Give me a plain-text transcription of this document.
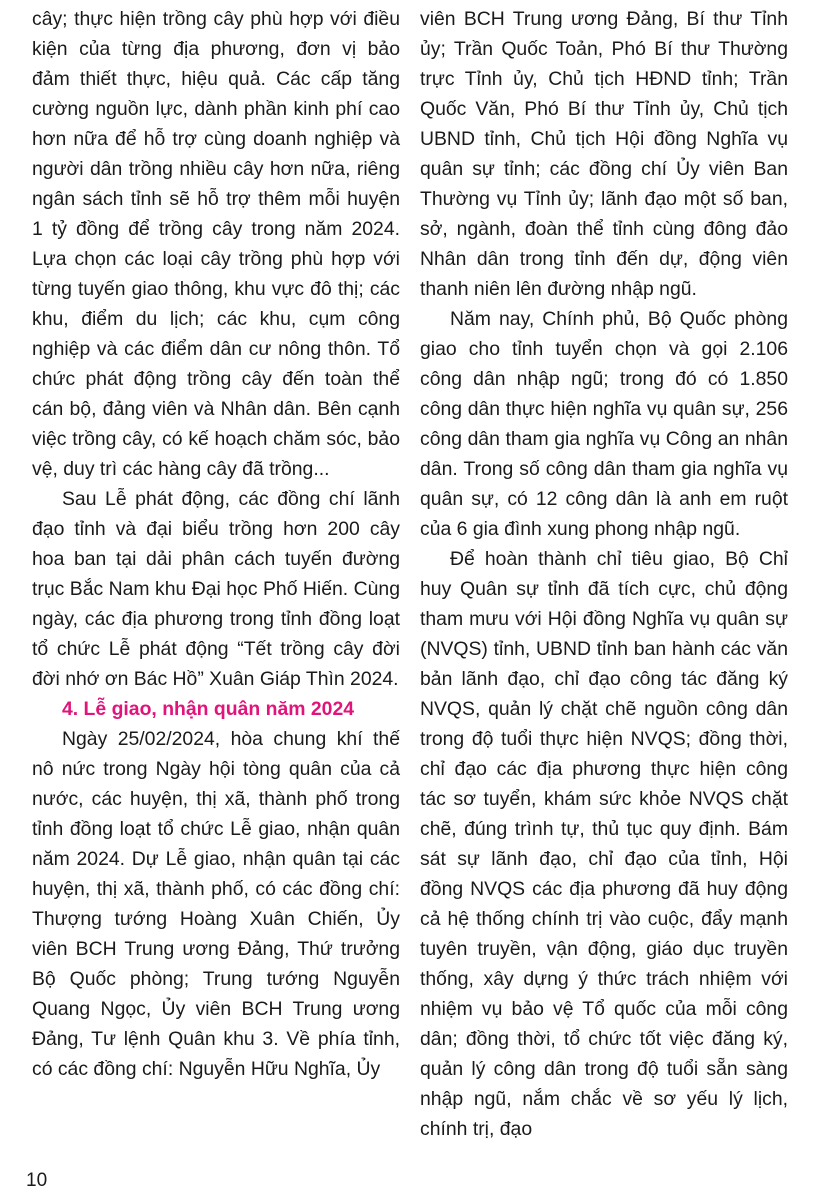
cây; thực hiện trồng cây phù hợp với điều kiện của từng địa phương, đơn vị bảo đảm thiết thực, hiệu quả. Các cấp tăng cường nguồn lực, dành phần kinh phí cao hơn nữa để hỗ trợ cùng doanh nghiệp và người dân trồng nhiều cây hơn nữa, riêng ngân sách tỉnh sẽ hỗ trợ thêm mỗi huyện 1 tỷ đồng để trồng cây trong năm 2024. Lựa chọn các loại cây trồng phù hợp với từng tuyến giao thông, khu vực đô thị; các khu, điểm du lịch; các khu, cụm công nghiệp và các điểm dân cư nông thôn. Tổ chức phát động trồng cây đến toàn thể cán bộ, đảng viên và Nhân dân. Bên cạnh việc trồng cây, có kế hoạch chăm sóc, bảo vệ, duy trì các hàng cây đã trồng...

Sau Lễ phát động, các đồng chí lãnh đạo tỉnh và đại biểu trồng hơn 200 cây hoa ban tại dải phân cách tuyến đường trục Bắc Nam khu Đại học Phố Hiến. Cùng ngày, các địa phương trong tỉnh đồng loạt tổ chức Lễ phát động “Tết trồng cây đời đời nhớ ơn Bác Hồ” Xuân Giáp Thìn 2024.

4. Lễ giao, nhận quân năm 2024

Ngày 25/02/2024, hòa chung khí thế nô nức trong Ngày hội tòng quân của cả nước, các huyện, thị xã, thành phố trong tỉnh đồng loạt tổ chức Lễ giao, nhận quân năm 2024. Dự Lễ giao, nhận quân tại các huyện, thị xã, thành phố, có các đồng chí: Thượng tướng Hoàng Xuân Chiến, Ủy viên BCH Trung ương Đảng, Thứ trưởng Bộ Quốc phòng; Trung tướng Nguyễn Quang Ngọc, Ủy viên BCH Trung ương Đảng, Tư lệnh Quân khu 3. Về phía tỉnh, có các đồng chí: Nguyễn Hữu Nghĩa, Ủy

viên BCH Trung ương Đảng, Bí thư Tỉnh ủy; Trần Quốc Toản, Phó Bí thư Thường trực Tỉnh ủy, Chủ tịch HĐND tỉnh; Trần Quốc Văn, Phó Bí thư Tỉnh ủy, Chủ tịch UBND tỉnh, Chủ tịch Hội đồng Nghĩa vụ quân sự tỉnh; các đồng chí Ủy viên Ban Thường vụ Tỉnh ủy; lãnh đạo một số ban, sở, ngành, đoàn thể tỉnh cùng đông đảo Nhân dân trong tỉnh đến dự, động viên thanh niên lên đường nhập ngũ.

Năm nay, Chính phủ, Bộ Quốc phòng giao cho tỉnh tuyển chọn và gọi 2.106 công dân nhập ngũ; trong đó có 1.850 công dân thực hiện nghĩa vụ quân sự, 256 công dân tham gia nghĩa vụ Công an nhân dân. Trong số công dân tham gia nghĩa vụ quân sự, có 12 công dân là anh em ruột của 6 gia đình xung phong nhập ngũ.

Để hoàn thành chỉ tiêu giao, Bộ Chỉ huy Quân sự tỉnh đã tích cực, chủ động tham mưu với Hội đồng Nghĩa vụ quân sự (NVQS) tỉnh, UBND tỉnh ban hành các văn bản lãnh đạo, chỉ đạo công tác đăng ký NVQS, quản lý chặt chẽ nguồn công dân trong độ tuổi thực hiện NVQS; đồng thời, chỉ đạo các địa phương thực hiện công tác sơ tuyển, khám sức khỏe NVQS chặt chẽ, đúng trình tự, thủ tục quy định. Bám sát sự lãnh đạo, chỉ đạo của tỉnh, Hội đồng NVQS các địa phương đã huy động cả hệ thống chính trị vào cuộc, đẩy mạnh tuyên truyền, vận động, giáo dục truyền thống, xây dựng ý thức trách nhiệm với nhiệm vụ bảo vệ Tổ quốc của mỗi công dân; đồng thời, tổ chức tốt việc đăng ký, quản lý công dân trong độ tuổi sẵn sàng nhập ngũ, nắm chắc về sơ yếu lý lịch, chính trị, đạo

10
